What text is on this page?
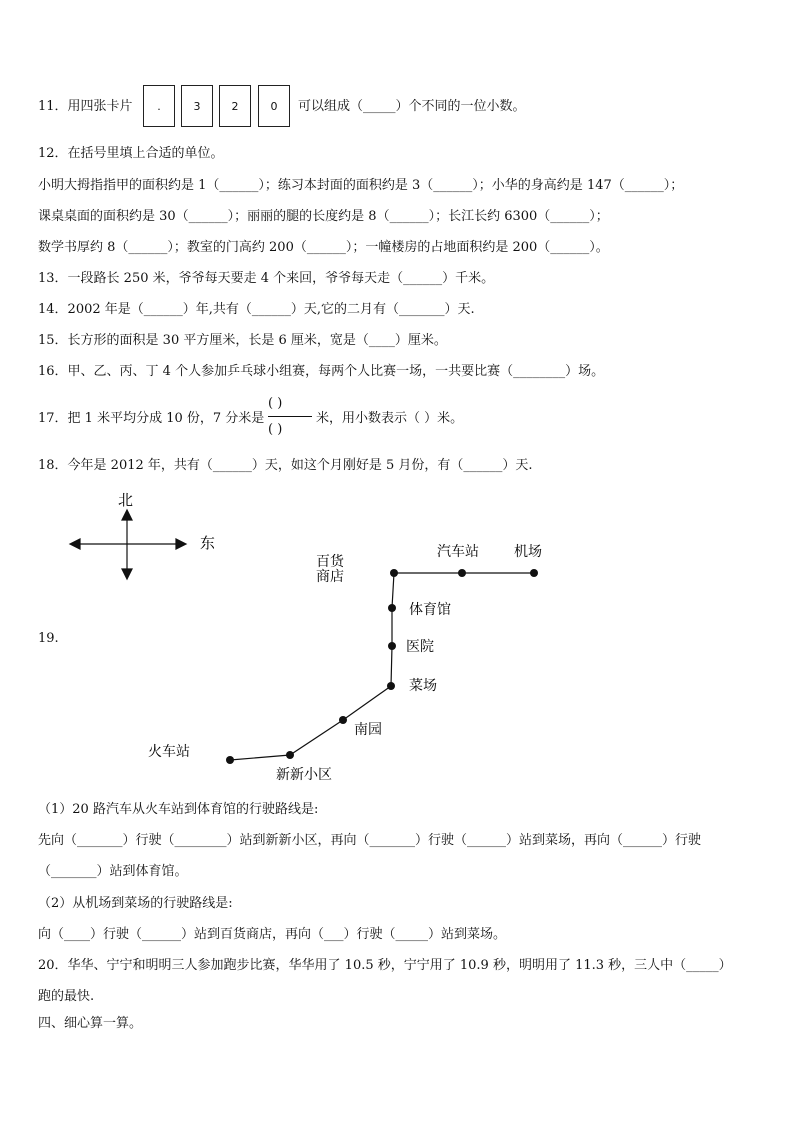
11．用四张卡片	.	3	2	0	可以组成（_____）个不同的一位小数。
12．在括号里填上合适的单位。
小明大拇指指甲的面积约是 1（______）；练习本封面的面积约是 3（______）；小华的身高约是 147（______）；
课桌桌面的面积约是 30（______）；丽丽的腿的长度约是 8（______）；长江长约 6300（______）；
数学书厚约 8（______）；教室的门高约 200（______）；一幢楼房的占地面积约是 200（______）。
13．一段路长 250 米，爷爷每天要走 4 个来回，爷爷每天走（______）千米。
14．2002 年是（______）年,共有（______）天,它的二月有（_______）天.
15．长方形的面积是 30 平方厘米，长是 6 厘米，宽是（____）厘米。
16．甲、乙、丙、丁 4 个人参加乒乓球小组赛，每两个人比赛一场，一共要比赛（________）场。
17．把 1 米平均分成 10 份，7 分米是
( )
( )
米，用小数表示（ ）米。
18．今年是 2012 年，共有（______）天，如这个月刚好是 5 月份，有（______）天.
19.
北
东
百货
商店
汽车站	机场
体育馆
医院
菜场
南园
火车站
新新小区
（1）20 路汽车从火车站到体育馆的行驶路线是:
先向（_______）行驶（________）站到新新小区，再向（_______）行驶（______）站到菜场，再向（______）行驶
（_______）站到体育馆。
（2）从机场到菜场的行驶路线是:
向（____）行驶（______）站到百货商店，再向（___）行驶（_____）站到菜场。
20．华华、宁宁和明明三人参加跑步比赛，华华用了 10.5 秒，宁宁用了 10.9 秒，明明用了 11.3 秒，三人中（_____）
跑的最快.
四、细心算一算。
